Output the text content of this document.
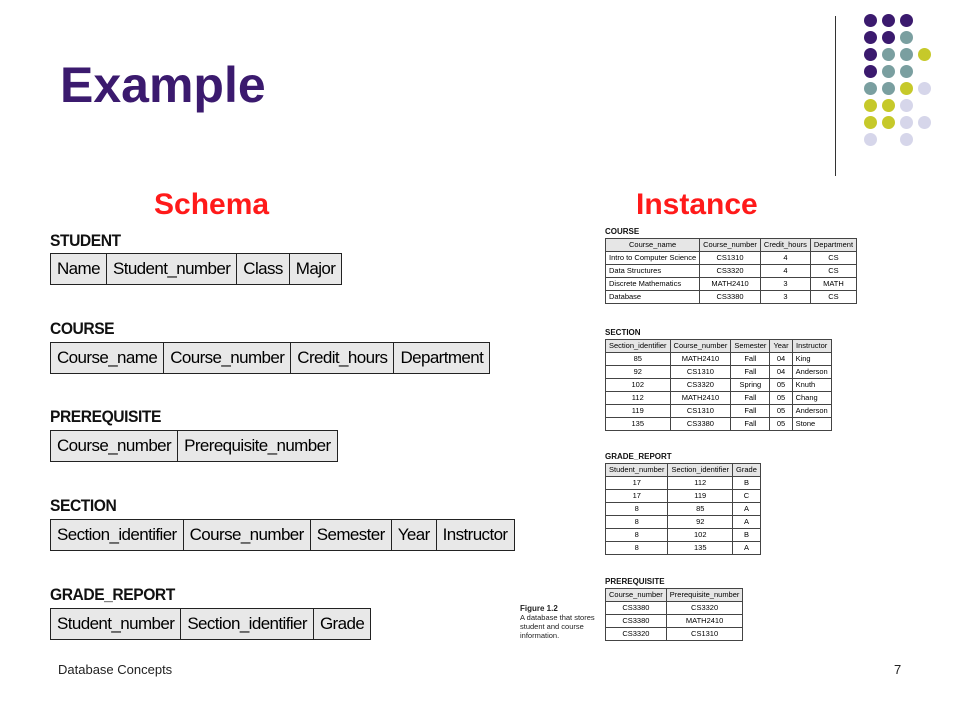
Example
Schema	Instance
STUDENT
Name Student_number Class Major
COURSE
Course_name Course_number Credit_hours Department
PREREQUISITE
Course_number Prerequisite_number
SECTION
Section_identifier Course_number Semester Year Instructor
GRADE_REPORT
Student_number Section_identifier Grade
COURSE
Course_name	Course_number	Credit_hours	Department
Intro to Computer Science	CS1310	4	CS
Data Structures	CS3320	4	CS
Discrete Mathematics	MATH2410	3	MATH
Database	CS3380	3	CS
SECTION
Section_identifier	Course_number	Semester	Year	Instructor
85	MATH2410	Fall	04	King
92	CS1310	Fall	04	Anderson
102	CS3320	Spring	05	Knuth
112	MATH2410	Fall	05	Chang
119	CS1310	Fall	05	Anderson
135	CS3380	Fall	05	Stone
GRADE_REPORT
Student_number	Section_identifier	Grade
17	112	B
17	119	C
8	85	A
8	92	A
8	102	B
8	135	A
PREREQUISITE
Course_number	Prerequisite_number
CS3380	CS3320
CS3380	MATH2410
CS3320	CS1310
Figure 1.2
A database that stores student and course information.
Database Concepts	7
